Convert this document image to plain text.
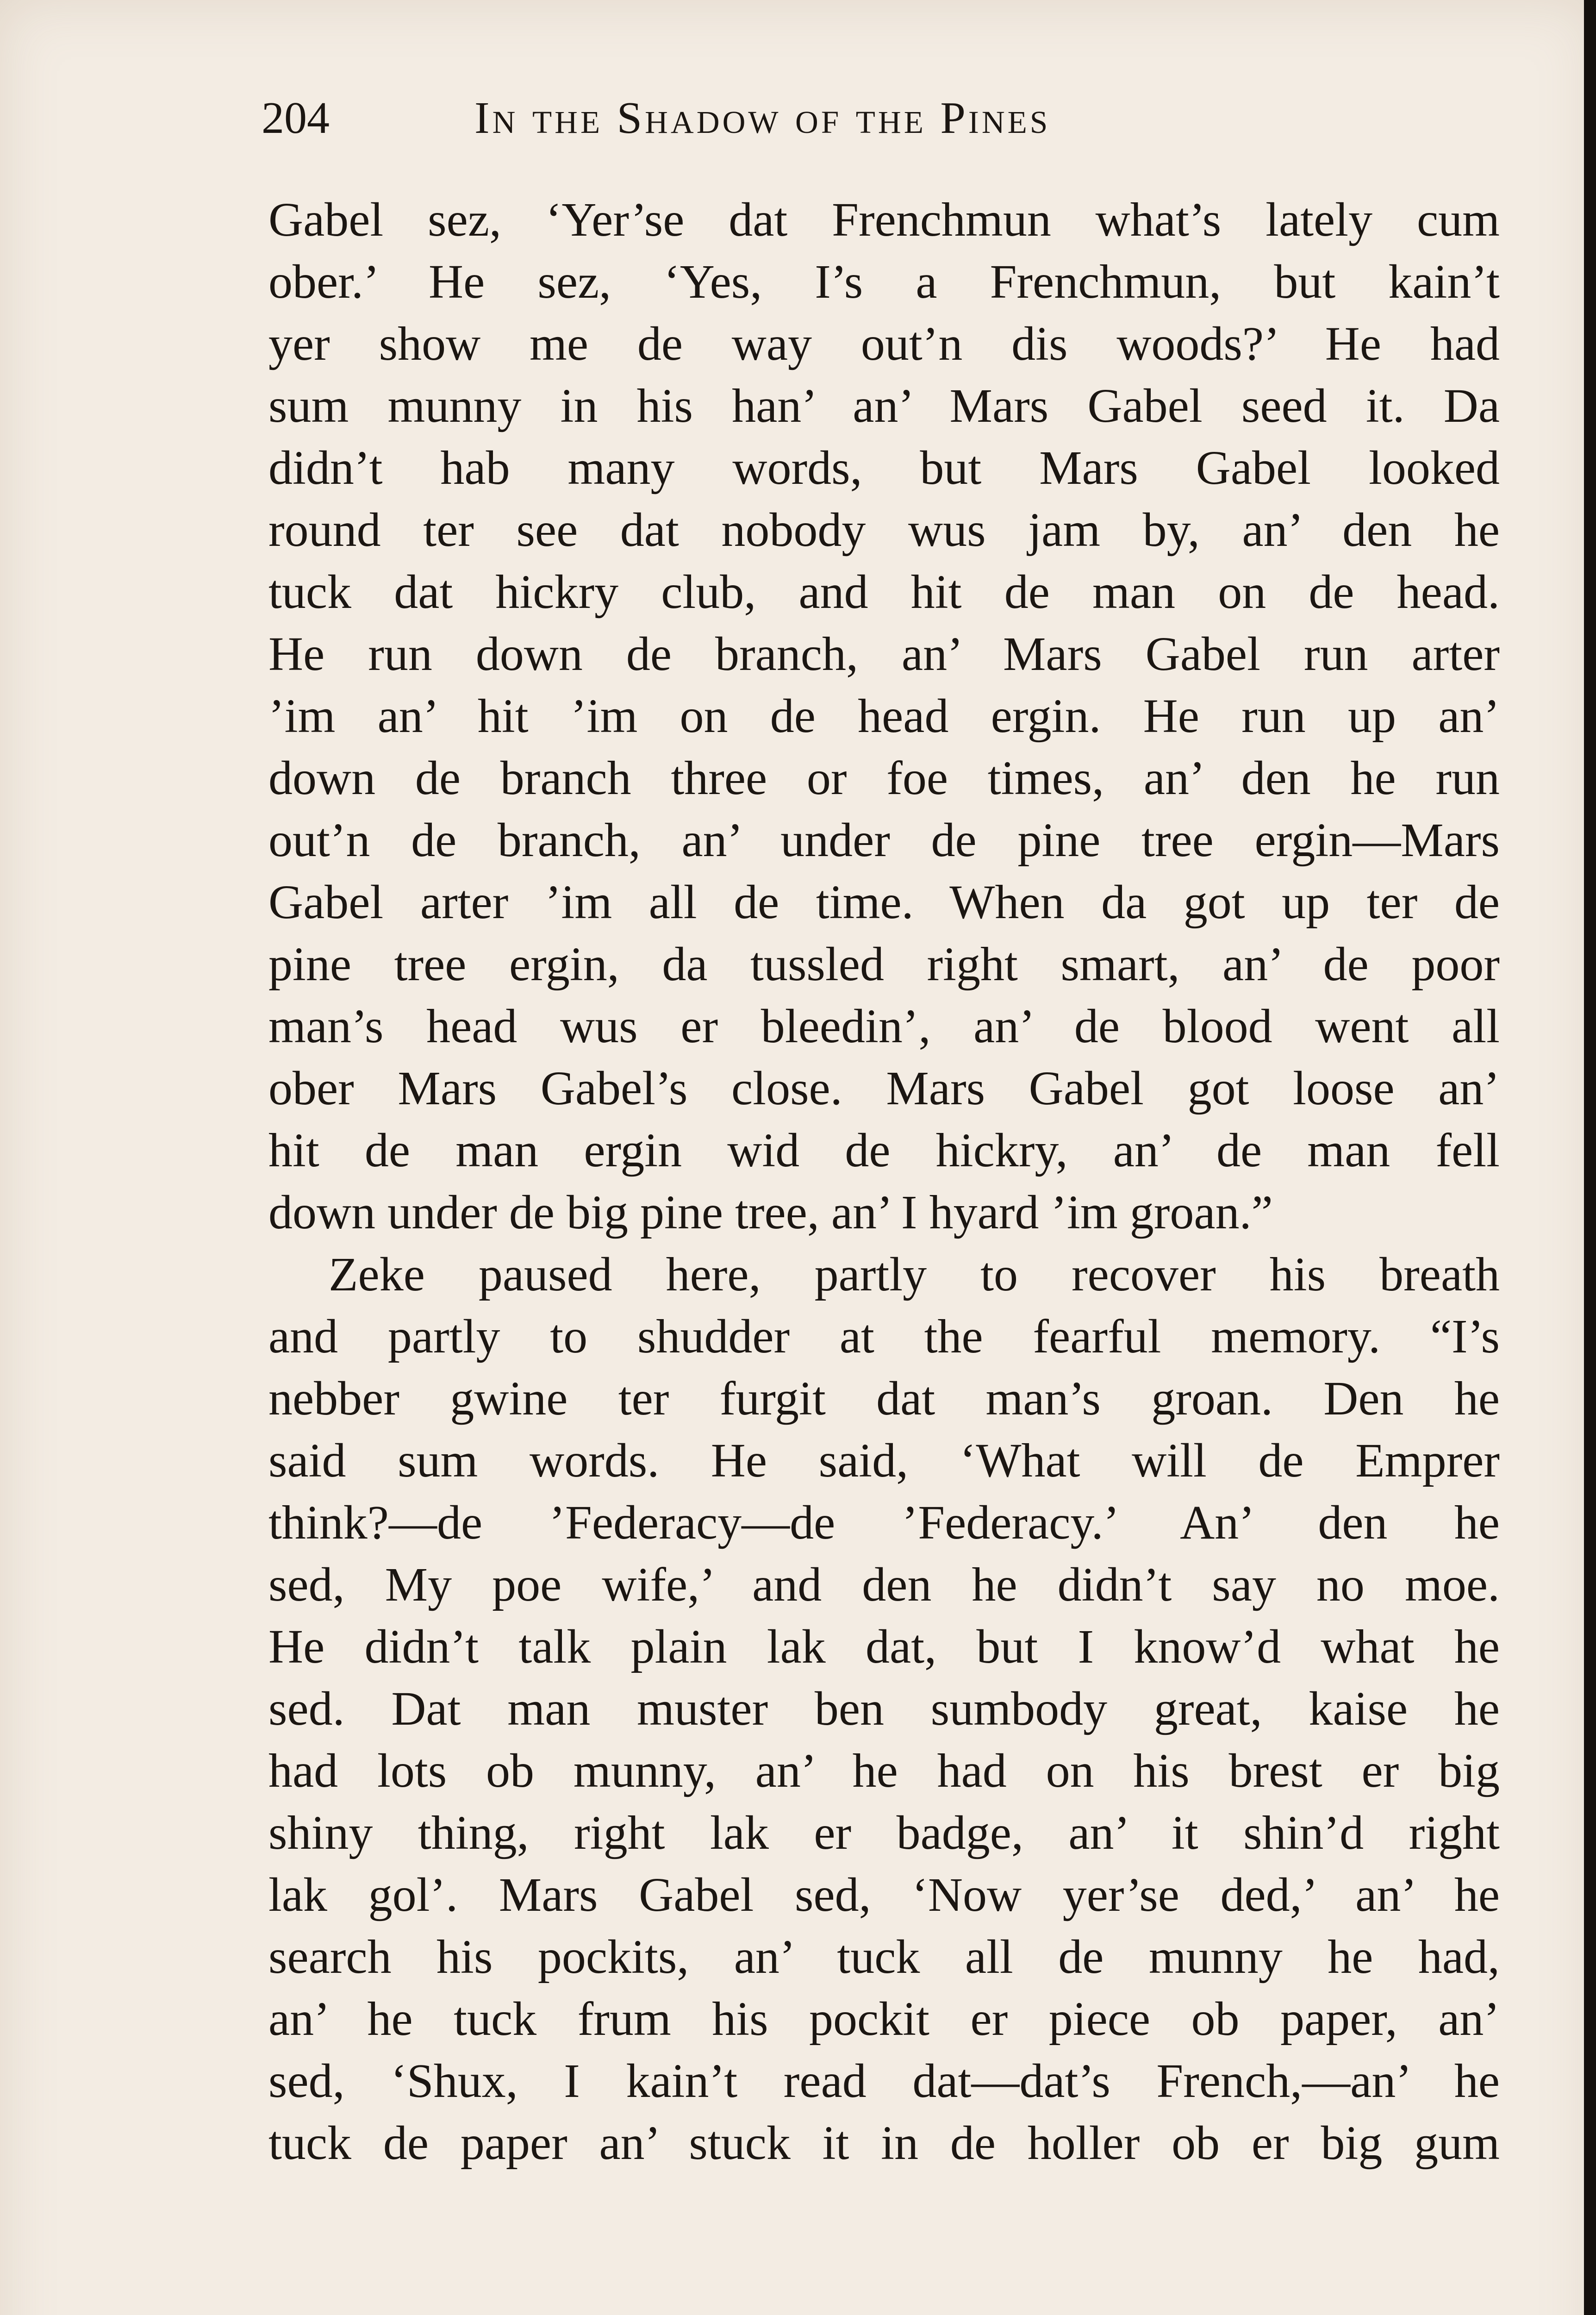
204	In the Shadow of the Pines
Gabel sez, ‘Yer’se dat Frenchmun what’s lately cum
ober.’ He sez, ‘Yes, I’s a Frenchmun, but kain’t
yer show me de way out’n dis woods?’ He had
sum munny in his han’ an’ Mars Gabel seed it. Da
didn’t hab many words, but Mars Gabel looked
round ter see dat nobody wus jam by, an’ den he
tuck dat hickry club, and hit de man on de head.
He run down de branch, an’ Mars Gabel run arter
’im an’ hit ’im on de head ergin. He run up an’
down de branch three or foe times, an’ den he run
out’n de branch, an’ under de pine tree ergin—Mars
Gabel arter ’im all de time. When da got up ter de
pine tree ergin, da tussled right smart, an’ de poor
man’s head wus er bleedin’, an’ de blood went all
ober Mars Gabel’s close. Mars Gabel got loose an’
hit de man ergin wid de hickry, an’ de man fell
down under de big pine tree, an’ I hyard ’im groan.”
Zeke paused here, partly to recover his breath
and partly to shudder at the fearful memory. “I’s
nebber gwine ter furgit dat man’s groan. Den he
said sum words. He said, ‘What will de Emprer
think?—de ’Federacy—de ’Federacy.’ An’ den he
sed, My poe wife,’ and den he didn’t say no moe.
He didn’t talk plain lak dat, but I know’d what he
sed. Dat man muster ben sumbody great, kaise he
had lots ob munny, an’ he had on his brest er big
shiny thing, right lak er badge, an’ it shin’d right
lak gol’. Mars Gabel sed, ‘Now yer’se ded,’ an’ he
search his pockits, an’ tuck all de munny he had,
an’ he tuck frum his pockit er piece ob paper, an’
sed, ‘Shux, I kain’t read dat—dat’s French,—an’ he
tuck de paper an’ stuck it in de holler ob er big gum
